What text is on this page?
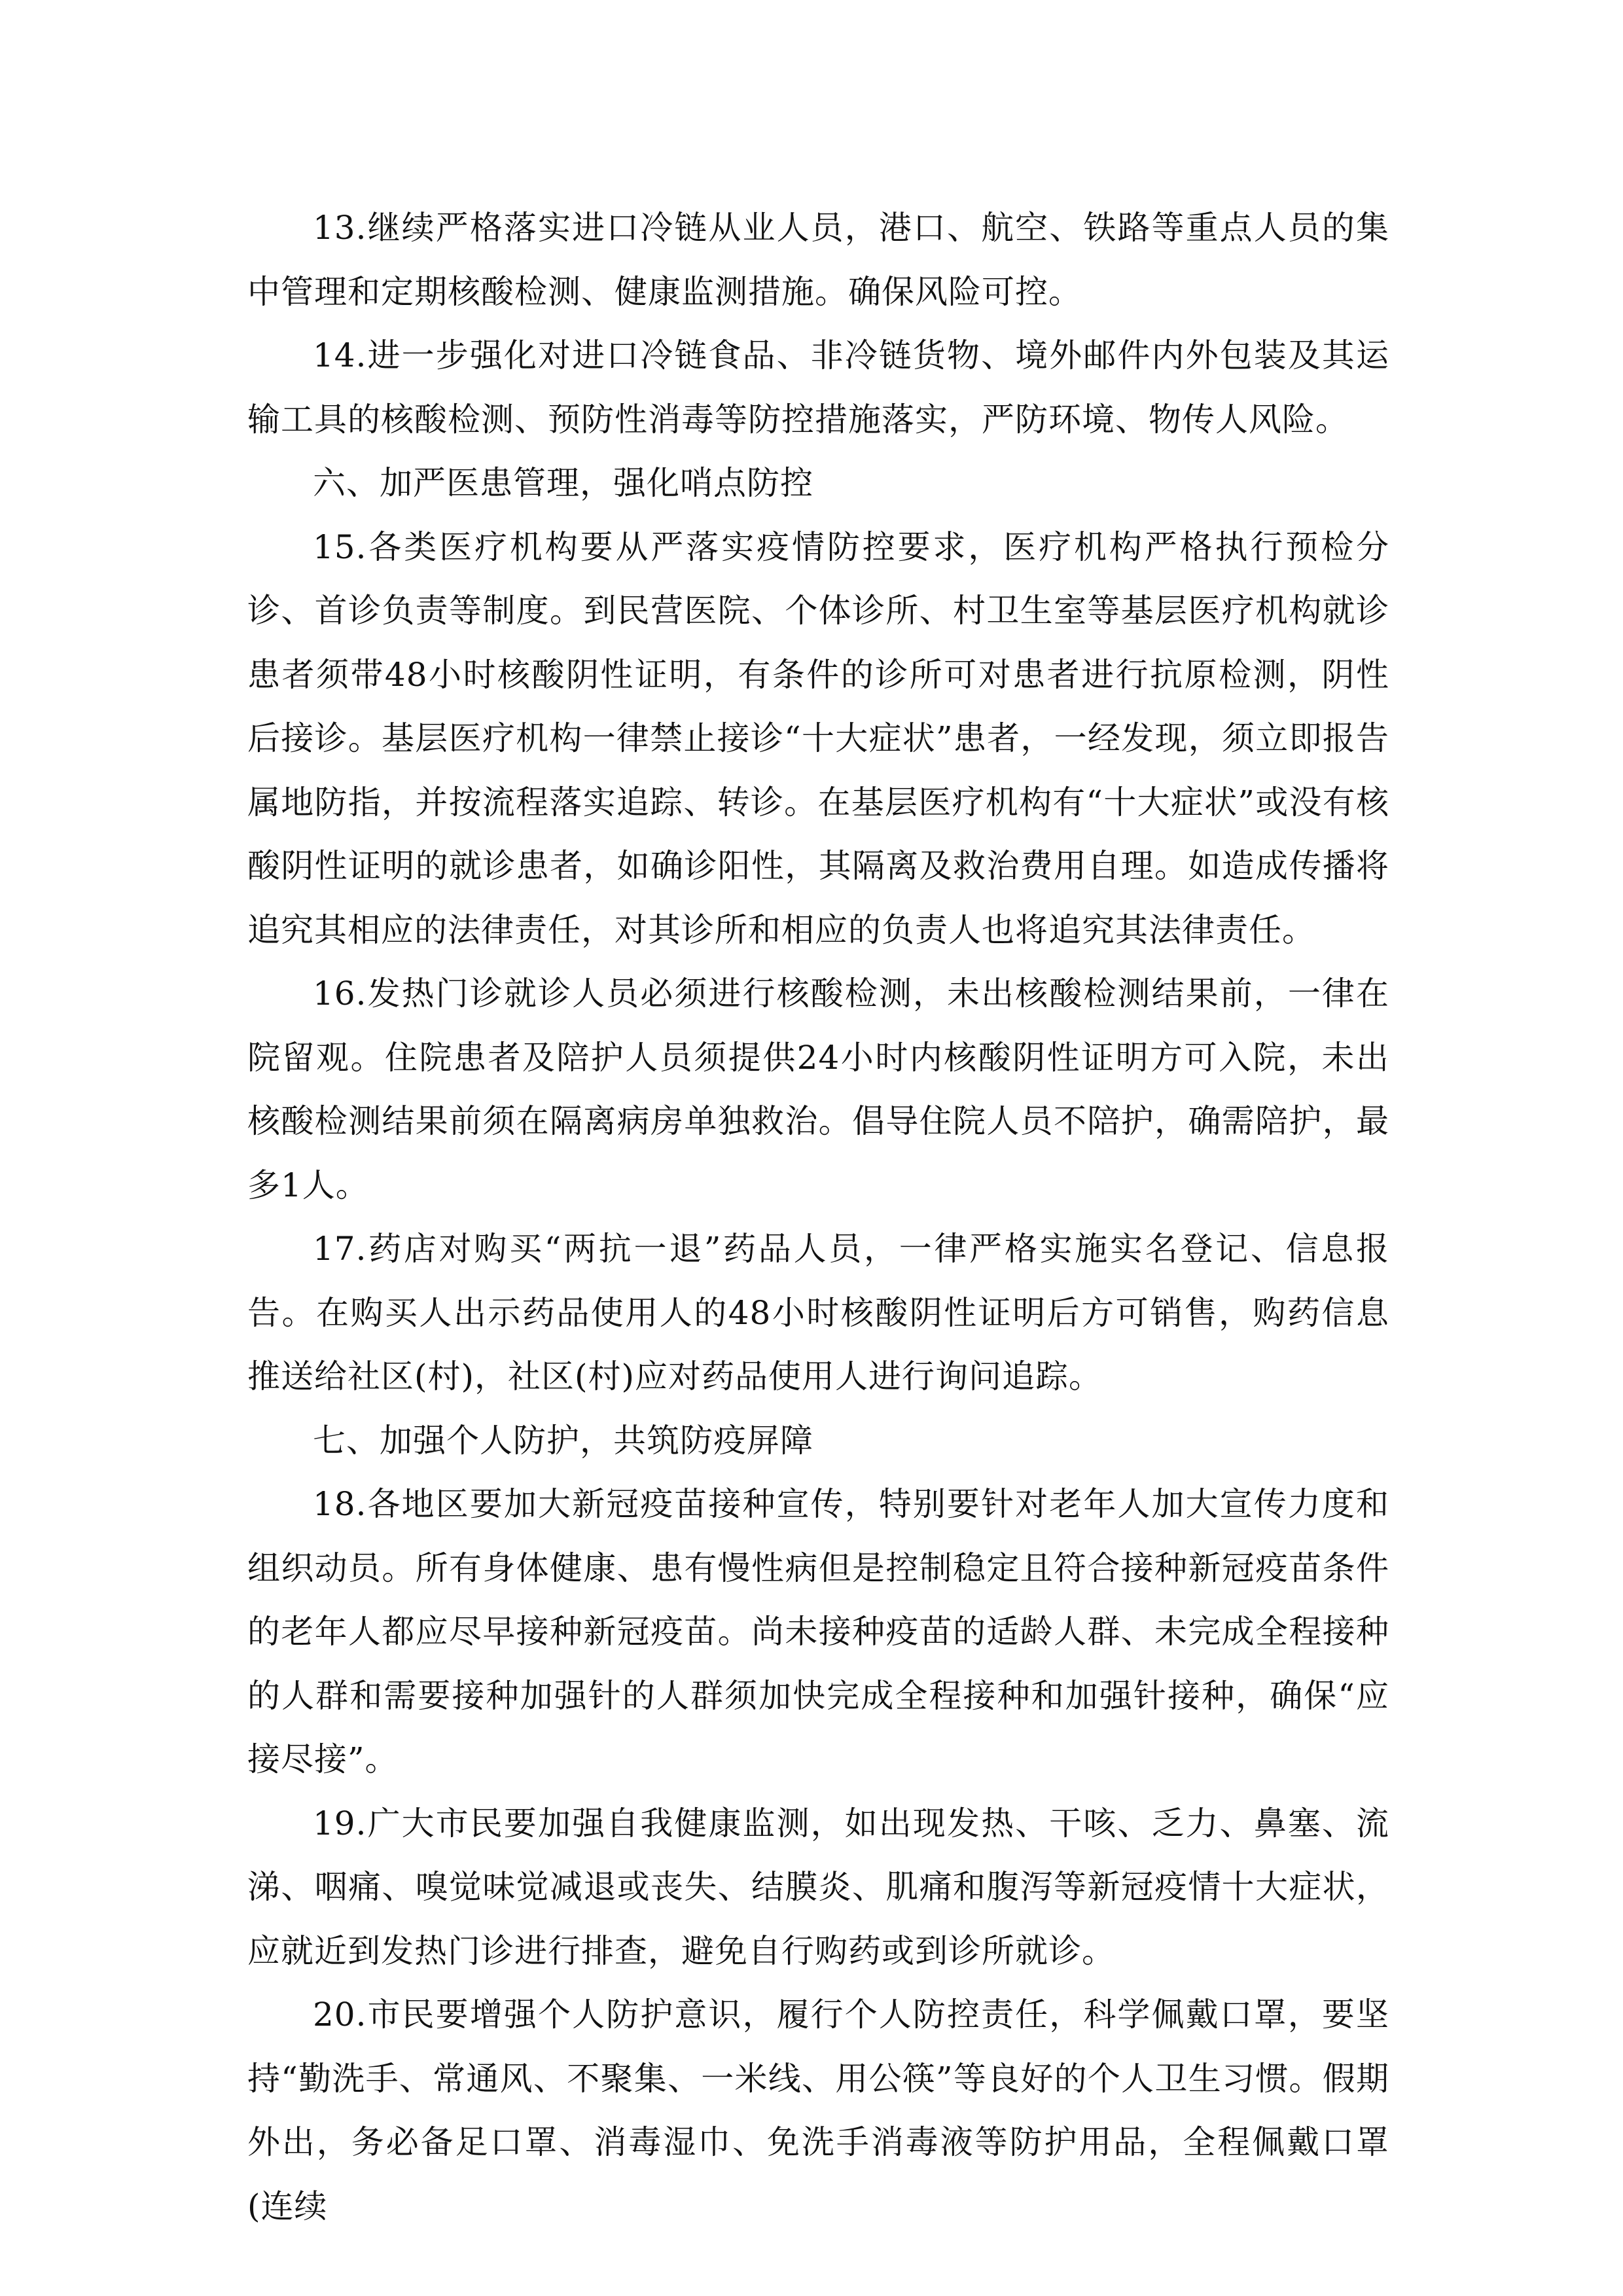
13.继续严格落实进口冷链从业人员，港口、航空、铁路等重点人员的集中管理和定期核酸检测、健康监测措施。确保风险可控。

14.进一步强化对进口冷链食品、非冷链货物、境外邮件内外包装及其运输工具的核酸检测、预防性消毒等防控措施落实，严防环境、物传人风险。

六、加严医患管理，强化哨点防控

15.各类医疗机构要从严落实疫情防控要求，医疗机构严格执行预检分诊、首诊负责等制度。到民营医院、个体诊所、村卫生室等基层医疗机构就诊患者须带48小时核酸阴性证明，有条件的诊所可对患者进行抗原检测，阴性后接诊。基层医疗机构一律禁止接诊“十大症状”患者，一经发现，须立即报告属地防指，并按流程落实追踪、转诊。在基层医疗机构有“十大症状”或没有核酸阴性证明的就诊患者，如确诊阳性，其隔离及救治费用自理。如造成传播将追究其相应的法律责任，对其诊所和相应的负责人也将追究其法律责任。

16.发热门诊就诊人员必须进行核酸检测，未出核酸检测结果前，一律在院留观。住院患者及陪护人员须提供24小时内核酸阴性证明方可入院，未出核酸检测结果前须在隔离病房单独救治。倡导住院人员不陪护，确需陪护，最多1人。

17.药店对购买“两抗一退”药品人员，一律严格实施实名登记、信息报告。在购买人出示药品使用人的48小时核酸阴性证明后方可销售，购药信息推送给社区(村)，社区(村)应对药品使用人进行询问追踪。

七、加强个人防护，共筑防疫屏障

18.各地区要加大新冠疫苗接种宣传，特别要针对老年人加大宣传力度和组织动员。所有身体健康、患有慢性病但是控制稳定且符合接种新冠疫苗条件的老年人都应尽早接种新冠疫苗。尚未接种疫苗的适龄人群、未完成全程接种的人群和需要接种加强针的人群须加快完成全程接种和加强针接种，确保“应接尽接”。

19.广大市民要加强自我健康监测，如出现发热、干咳、乏力、鼻塞、流涕、咽痛、嗅觉味觉减退或丧失、结膜炎、肌痛和腹泻等新冠疫情十大症状，应就近到发热门诊进行排查，避免自行购药或到诊所就诊。

20.市民要增强个人防护意识，履行个人防控责任，科学佩戴口罩，要坚持“勤洗手、常通风、不聚集、一米线、用公筷”等良好的个人卫生习惯。假期外出，务必备足口罩、消毒湿巾、免洗手消毒液等防护用品，全程佩戴口罩(连续
